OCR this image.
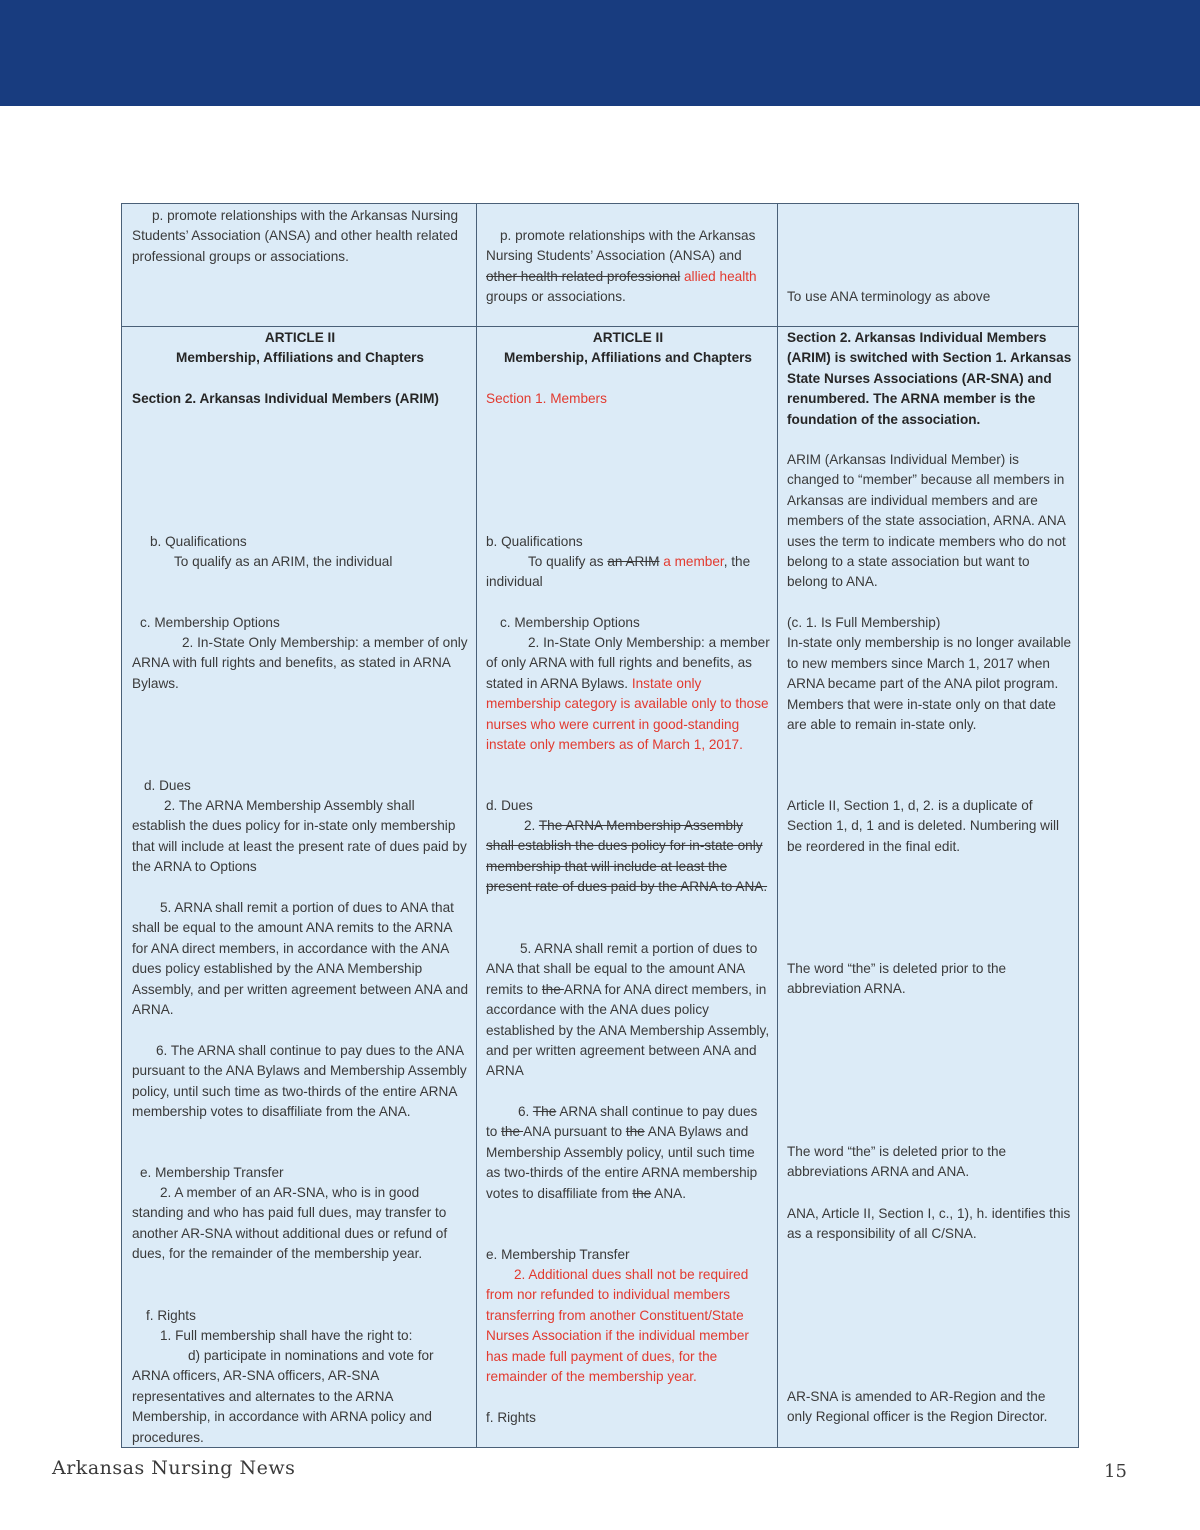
p. promote relationships with the Arkansas Nursing Students’ Association (ANSA) and other health related professional groups or associations.

p. promote relationships with the Arkansas Nursing Students’ Association (ANSA) and other health related professional allied health groups or associations.	To use ANA terminology as above

ARTICLE II

Membership, Affiliations and Chapters

Section 2. Arkansas Individual Members (ARIM)

b. Qualifications

To qualify as an ARIM, the individual

c. Membership Options

2. In-State Only Membership: a member of only ARNA with full rights and benefits, as stated in ARNA Bylaws.

d. Dues

2. The ARNA Membership Assembly shall establish the dues policy for in-state only membership that will include at least the present rate of dues paid by the ARNA to Options

5. ARNA shall remit a portion of dues to ANA that shall be equal to the amount ANA remits to the ARNA for ANA direct members, in accordance with the ANA dues policy established by the ANA Membership Assembly, and per written agreement between ANA and ARNA.

6. The ARNA shall continue to pay dues to the ANA pursuant to the ANA Bylaws and Membership Assembly policy, until such time as two-thirds of the entire ARNA membership votes to disaffiliate from the ANA.

e. Membership Transfer

2. A member of an AR-SNA, who is in good standing and who has paid full dues, may transfer to another AR-SNA without additional dues or refund of dues, for the remainder of the membership year.

f. Rights

1. Full membership shall have the right to:

d) participate in nominations and vote for ARNA officers, AR-SNA officers, AR-SNA representatives and alternates to the ARNA Membership, in accordance with ARNA policy and procedures.

ARTICLE II

Membership, Affiliations and Chapters

Section 1. Members

b. Qualifications

To qualify as an ARIM a member, the individual

c. Membership Options

2. In-State Only Membership: a member of only ARNA with full rights and benefits, as stated in ARNA Bylaws. Instate only membership category is available only to those nurses who were current in good-standing instate only members as of March 1, 2017.

d. Dues

2. The ARNA Membership Assembly shall establish the dues policy for in-state only membership that will include at least the present rate of dues paid by the ARNA to ANA.

5. ARNA shall remit a portion of dues to ANA that shall be equal to the amount ANA remits to the ARNA for ANA direct members, in accordance with the ANA dues policy established by the ANA Membership Assembly, and per written agreement between ANA and ARNA

6. The ARNA shall continue to pay dues to the ANA pursuant to the ANA Bylaws and Membership Assembly policy, until such time as two-thirds of the entire ARNA membership votes to disaffiliate from the ANA.

e. Membership Transfer

2. Additional dues shall not be required from nor refunded to individual members transferring from another Constituent/State Nurses Association if the individual member has made full payment of dues, for the remainder of the membership year.

f. Rights

Section 2. Arkansas Individual Members (ARIM) is switched with Section 1. Arkansas State Nurses Associations (AR-SNA) and renumbered. The ARNA member is the foundation of the association.

ARIM (Arkansas Individual Member) is changed to “member” because all members in Arkansas are individual members and are members of the state association, ARNA. ANA uses the term to indicate members who do not belong to a state association but want to belong to ANA.

(c. 1. Is Full Membership)
In-state only membership is no longer available to new members since March 1, 2017 when ARNA became part of the ANA pilot program. Members that were in-state only on that date are able to remain in-state only.

Article II, Section 1, d, 2. is a duplicate of Section 1, d, 1 and is deleted. Numbering will be reordered in the final edit.

The word “the” is deleted prior to the abbreviation ARNA.

The word “the” is deleted prior to the abbreviations ARNA and ANA.

ANA, Article II, Section I, c., 1), h. identifies this as a responsibility of all C/SNA.

AR-SNA is amended to AR-Region and the only Regional officer is the Region Director.

Arkansas Nursing News	15
